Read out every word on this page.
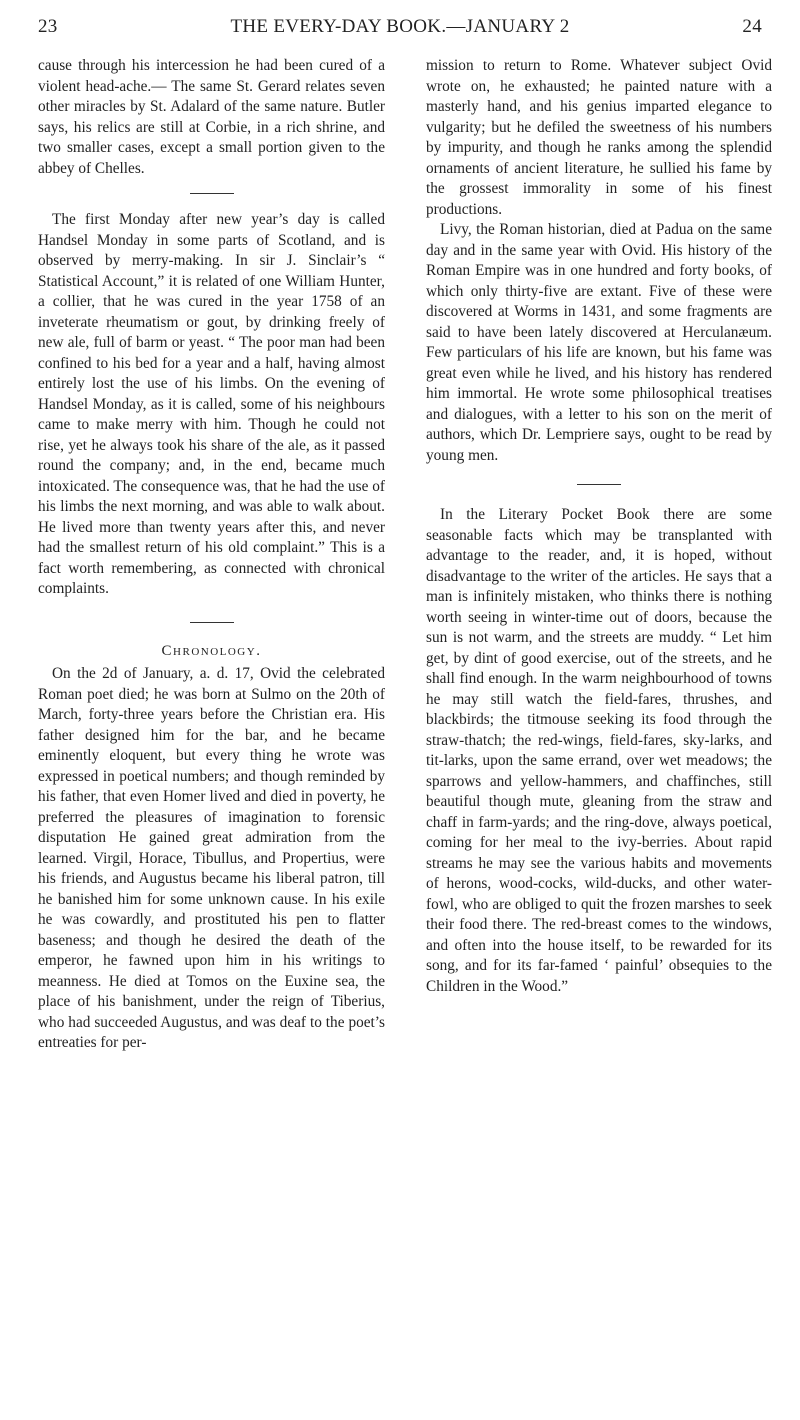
23	THE EVERY-DAY BOOK.—JANUARY 2	24

cause through his intercession he had been cured of a violent head-ache.— The same St. Gerard relates seven other miracles by St. Adalard of the same nature. Butler says, his relics are still at Corbie, in a rich shrine, and two smaller cases, except a small portion given to the abbey of Chelles.

The first Monday after new year’s day is called Handsel Monday in some parts of Scotland, and is observed by merry-making. In sir J. Sinclair’s “ Statistical Account,” it is related of one William Hunter, a collier, that he was cured in the year 1758 of an inveterate rheumatism or gout, by drinking freely of new ale, full of barm or yeast. “ The poor man had been confined to his bed for a year and a half, having almost entirely lost the use of his limbs. On the evening of Handsel Monday, as it is called, some of his neighbours came to make merry with him. Though he could not rise, yet he always took his share of the ale, as it passed round the company; and, in the end, became much intoxicated. The consequence was, that he had the use of his limbs the next morning, and was able to walk about. He lived more than twenty years after this, and never had the smallest return of his old complaint.” This is a fact worth remembering, as connected with chronical complaints.

Chronology.

On the 2d of January, a. d. 17, Ovid the celebrated Roman poet died; he was born at Sulmo on the 20th of March, forty-three years before the Christian era. His father designed him for the bar, and he became eminently eloquent, but every thing he wrote was expressed in poetical numbers; and though reminded by his father, that even Homer lived and died in poverty, he preferred the pleasures of imagination to forensic disputation He gained great admiration from the learned. Virgil, Horace, Tibullus, and Propertius, were his friends, and Augustus became his liberal patron, till he banished him for some unknown cause. In his exile he was cowardly, and prostituted his pen to flatter baseness; and though he desired the death of the emperor, he fawned upon him in his writings to meanness. He died at Tomos on the Euxine sea, the place of his banishment, under the reign of Tiberius, who had succeeded Augustus, and was deaf to the poet’s entreaties for per-

mission to return to Rome. Whatever subject Ovid wrote on, he exhausted; he painted nature with a masterly hand, and his genius imparted elegance to vulgarity; but he defiled the sweetness of his numbers by impurity, and though he ranks among the splendid ornaments of ancient literature, he sullied his fame by the grossest immorality in some of his finest productions.

Livy, the Roman historian, died at Padua on the same day and in the same year with Ovid. His history of the Roman Empire was in one hundred and forty books, of which only thirty-five are extant. Five of these were discovered at Worms in 1431, and some fragments are said to have been lately discovered at Herculanæum. Few particulars of his life are known, but his fame was great even while he lived, and his history has rendered him immortal. He wrote some philosophical treatises and dialogues, with a letter to his son on the merit of authors, which Dr. Lempriere says, ought to be read by young men.

In the Literary Pocket Book there are some seasonable facts which may be transplanted with advantage to the reader, and, it is hoped, without disadvantage to the writer of the articles. He says that a man is infinitely mistaken, who thinks there is nothing worth seeing in winter-time out of doors, because the sun is not warm, and the streets are muddy. “ Let him get, by dint of good exercise, out of the streets, and he shall find enough. In the warm neighbourhood of towns he may still watch the field-fares, thrushes, and blackbirds; the titmouse seeking its food through the straw-thatch; the red-wings, field-fares, sky-larks, and tit-larks, upon the same errand, over wet meadows; the sparrows and yellow-hammers, and chaffinches, still beautiful though mute, gleaning from the straw and chaff in farm-yards; and the ring-dove, always poetical, coming for her meal to the ivy-berries. About rapid streams he may see the various habits and movements of herons, wood-cocks, wild-ducks, and other water-fowl, who are obliged to quit the frozen marshes to seek their food there. The red-breast comes to the windows, and often into the house itself, to be rewarded for its song, and for its far-famed ‘ painful’ obsequies to the Children in the Wood.”
